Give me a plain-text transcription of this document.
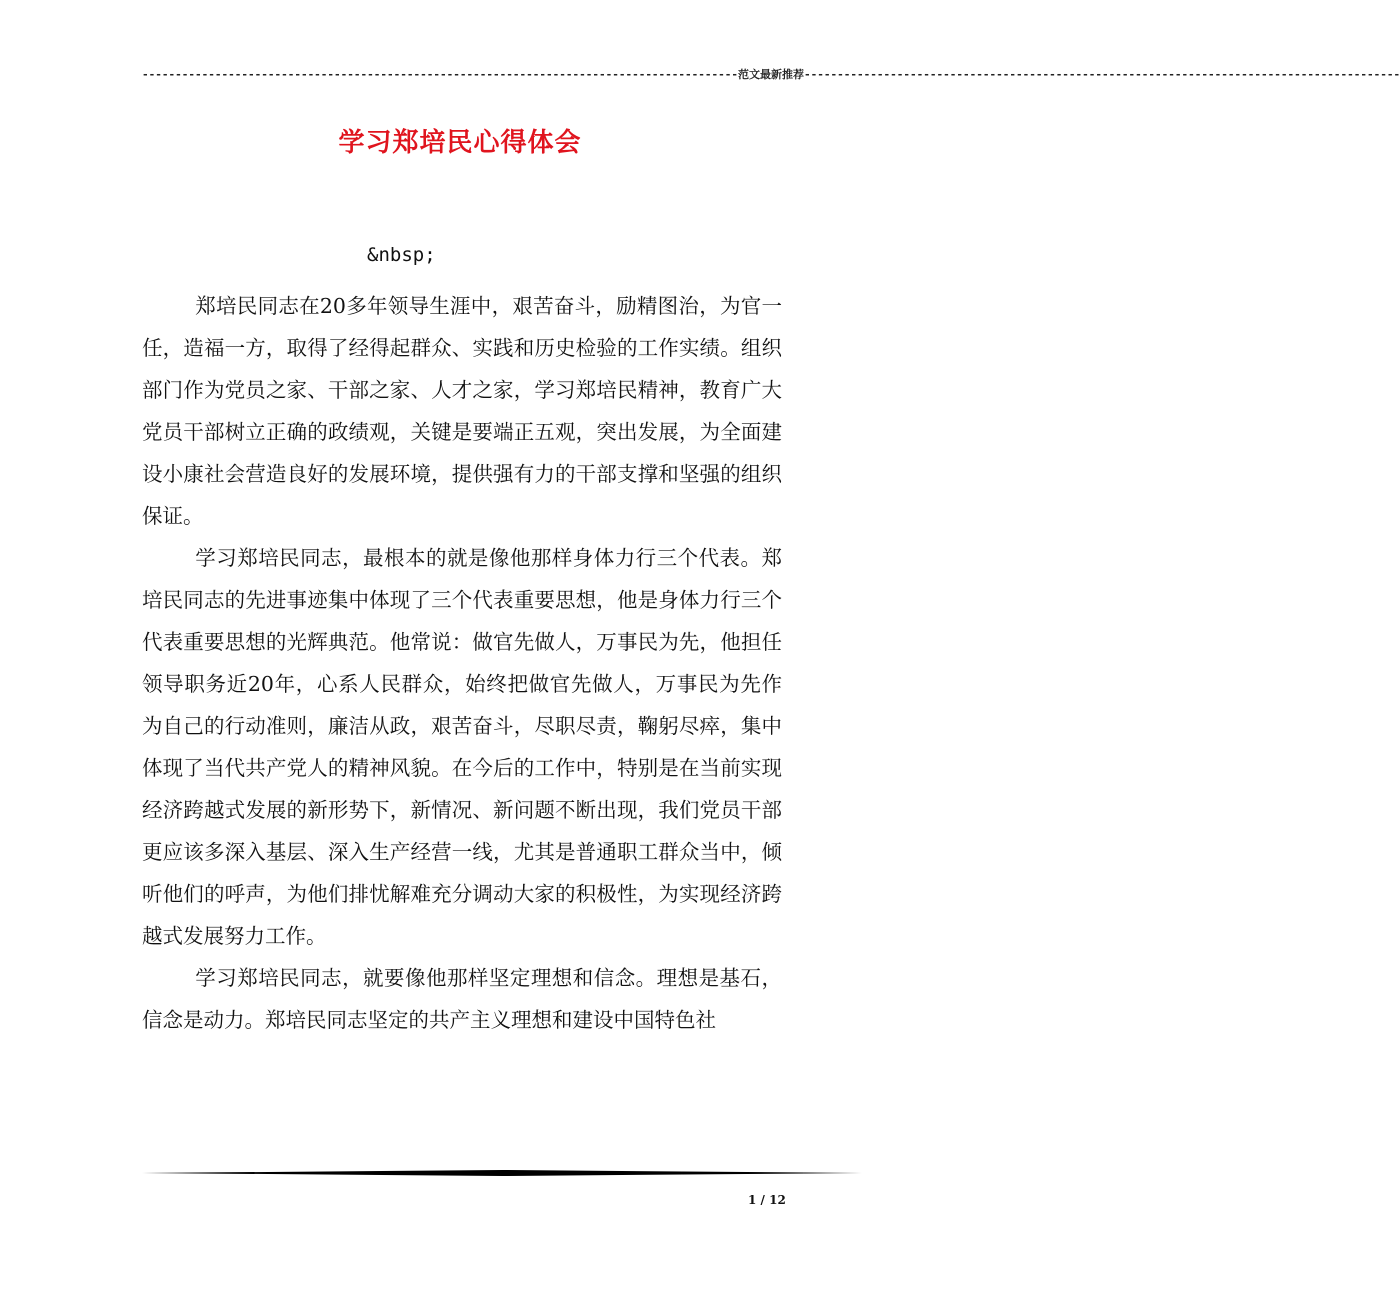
------------------------------------------------------------------------------------------ 范文最新推荐 ------------------------------------------------------------------------------------------
学习郑培民心得体会
&nbsp;

郑培民同志在20多年领导生涯中，艰苦奋斗，励精图治，为官一任，造福一方，取得了经得起群众、实践和历史检验的工作实绩。组织部门作为党员之家、干部之家、人才之家，学习郑培民精神，教育广大党员干部树立正确的政绩观，关键是要端正五观，突出发展，为全面建设小康社会营造良好的发展环境，提供强有力的干部支撑和坚强的组织保证。

学习郑培民同志，最根本的就是像他那样身体力行三个代表。郑培民同志的先进事迹集中体现了三个代表重要思想，他是身体力行三个代表重要思想的光辉典范。他常说：做官先做人，万事民为先，他担任领导职务近20年，心系人民群众，始终把做官先做人，万事民为先作为自己的行动准则，廉洁从政，艰苦奋斗，尽职尽责，鞠躬尽瘁，集中体现了当代共产党人的精神风貌。在今后的工作中，特别是在当前实现经济跨越式发展的新形势下，新情况、新问题不断出现，我们党员干部更应该多深入基层、深入生产经营一线，尤其是普通职工群众当中，倾听他们的呼声，为他们排忧解难充分调动大家的积极性，为实现经济跨越式发展努力工作。

学习郑培民同志，就要像他那样坚定理想和信念。理想是基石，信念是动力。郑培民同志坚定的共产主义理想和建设中国特色社

1 / 12
